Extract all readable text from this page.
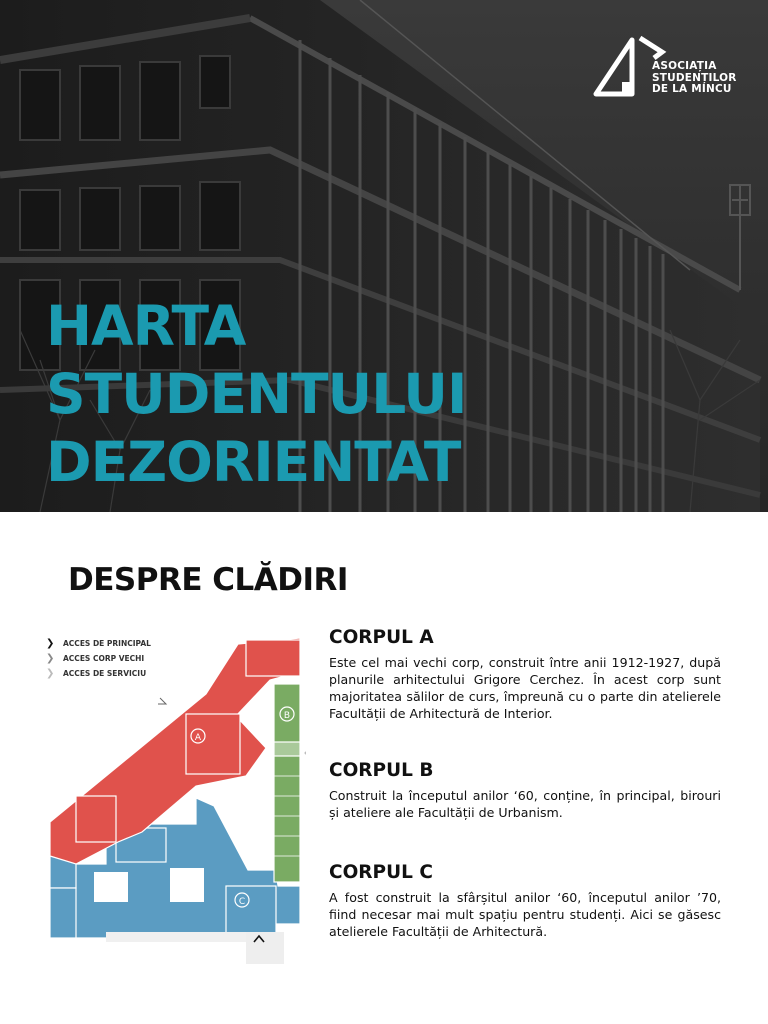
ASOCIAȚIA
STUDENȚILOR
DE LA MINCU
HARTA
STUDENTULUI
DEZORIENTAT
DESPRE CLĂDIRI
A
B
C
❯	ACCES DE PRINCIPAL
❯	ACCES CORP VECHI
❯	ACCES DE SERVICIU
CORPUL A

Este cel mai vechi corp, construit între anii 1912-1927, după planurile arhitectului Grigore Cerchez. În acest corp sunt majoritatea sălilor de curs, împreună cu o parte din atelierele Facultății de Arhitectură de Interior.

CORPUL B

Construit la începutul anilor ‘60, conține, în principal, birouri și ateliere ale Facultății de Urbanism.

CORPUL C

A fost construit la sfârșitul anilor ‘60, începutul anilor ’70, fiind necesar mai mult spațiu pentru studenți. Aici se găsesc atelierele Facultății de Arhitectură.
